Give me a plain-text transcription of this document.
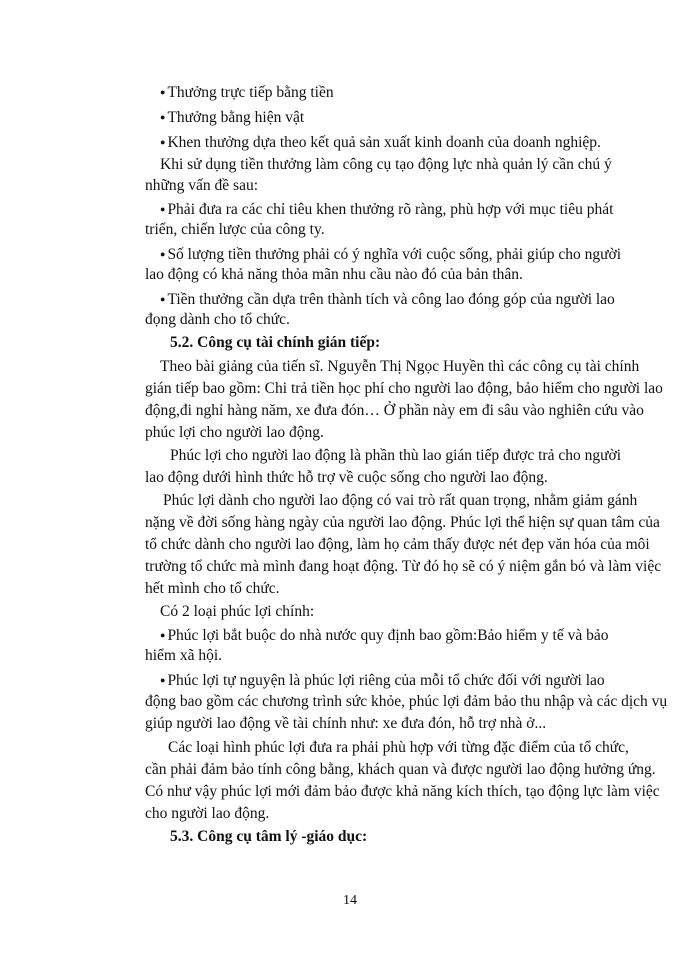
● Thưởng trực tiếp bằng tiền
● Thưởng bằng hiện vật
● Khen thưởng dựa theo kết quả sản xuất kinh doanh của doanh nghiệp.
Khi sử dụng tiền thưởng làm công cụ tạo động lực nhà quản lý cần chú ý
những vấn đề sau:
● Phải đưa ra các chỉ tiêu khen thưởng rõ ràng, phù hợp với mục tiêu phát
triển, chiến lược của công ty.
● Số lượng tiền thưởng phải có ý nghĩa với cuộc sống, phải giúp cho người
lao động có khả năng thỏa mãn nhu cầu nào đó của bản thân.
● Tiền thưởng cần dựa trên thành tích và công lao đóng góp của người lao
đọng dành cho tổ chức.
5.2. Công cụ tài chính gián tiếp:
Theo bài giảng của tiến sĩ. Nguyễn Thị Ngọc Huyền thì các công cụ tài chính
gián tiếp bao gồm: Chi trả tiền học phí cho người lao động, bảo hiểm cho người lao
động,đi nghỉ hàng năm, xe đưa đón… Ở phần này em đi sâu vào nghiên cứu vào
phúc lợi cho người lao động.
Phúc lợi cho người lao động là phần thù lao gián tiếp được trả cho người
lao động dưới hình thức hỗ trợ về cuộc sống cho người lao động.
Phúc lợi dành cho người lao động có vai trò rất quan trọng, nhằm giảm gánh
nặng về đời sống hàng ngày của người lao động. Phúc lợi thể hiện sự quan tâm của
tổ chức dành cho người lao động, làm họ cảm thấy được nét đẹp văn hóa của môi
trường tổ chức mà mình đang hoạt động. Từ đó họ sẽ có ý niệm gắn bó và làm việc
hết mình cho tổ chức.
Có 2 loại phúc lợi chính:
● Phúc lợi bắt buộc do nhà nước quy định bao gồm:Bảo hiểm y tế và bảo
hiểm xã hội.
● Phúc lợi tự nguyện là phúc lợi riêng của mỗi tổ chức đối với người lao
động bao gồm các chương trình sức khỏe, phúc lợi đảm bảo thu nhập và các dịch vụ
giúp người lao động về tài chính như: xe đưa đón, hỗ trợ nhà ở...
Các loại hình phúc lợi đưa ra phải phù hợp với từng đặc điểm của tổ chức,
cần phải đảm bảo tính công bằng, khách quan và được người lao động hưởng ứng.
Có như vậy phúc lợi mới đảm bảo được khả năng kích thích, tạo động lực làm việc
cho người lao động.
5.3. Công cụ tâm lý -giáo dục:
14
